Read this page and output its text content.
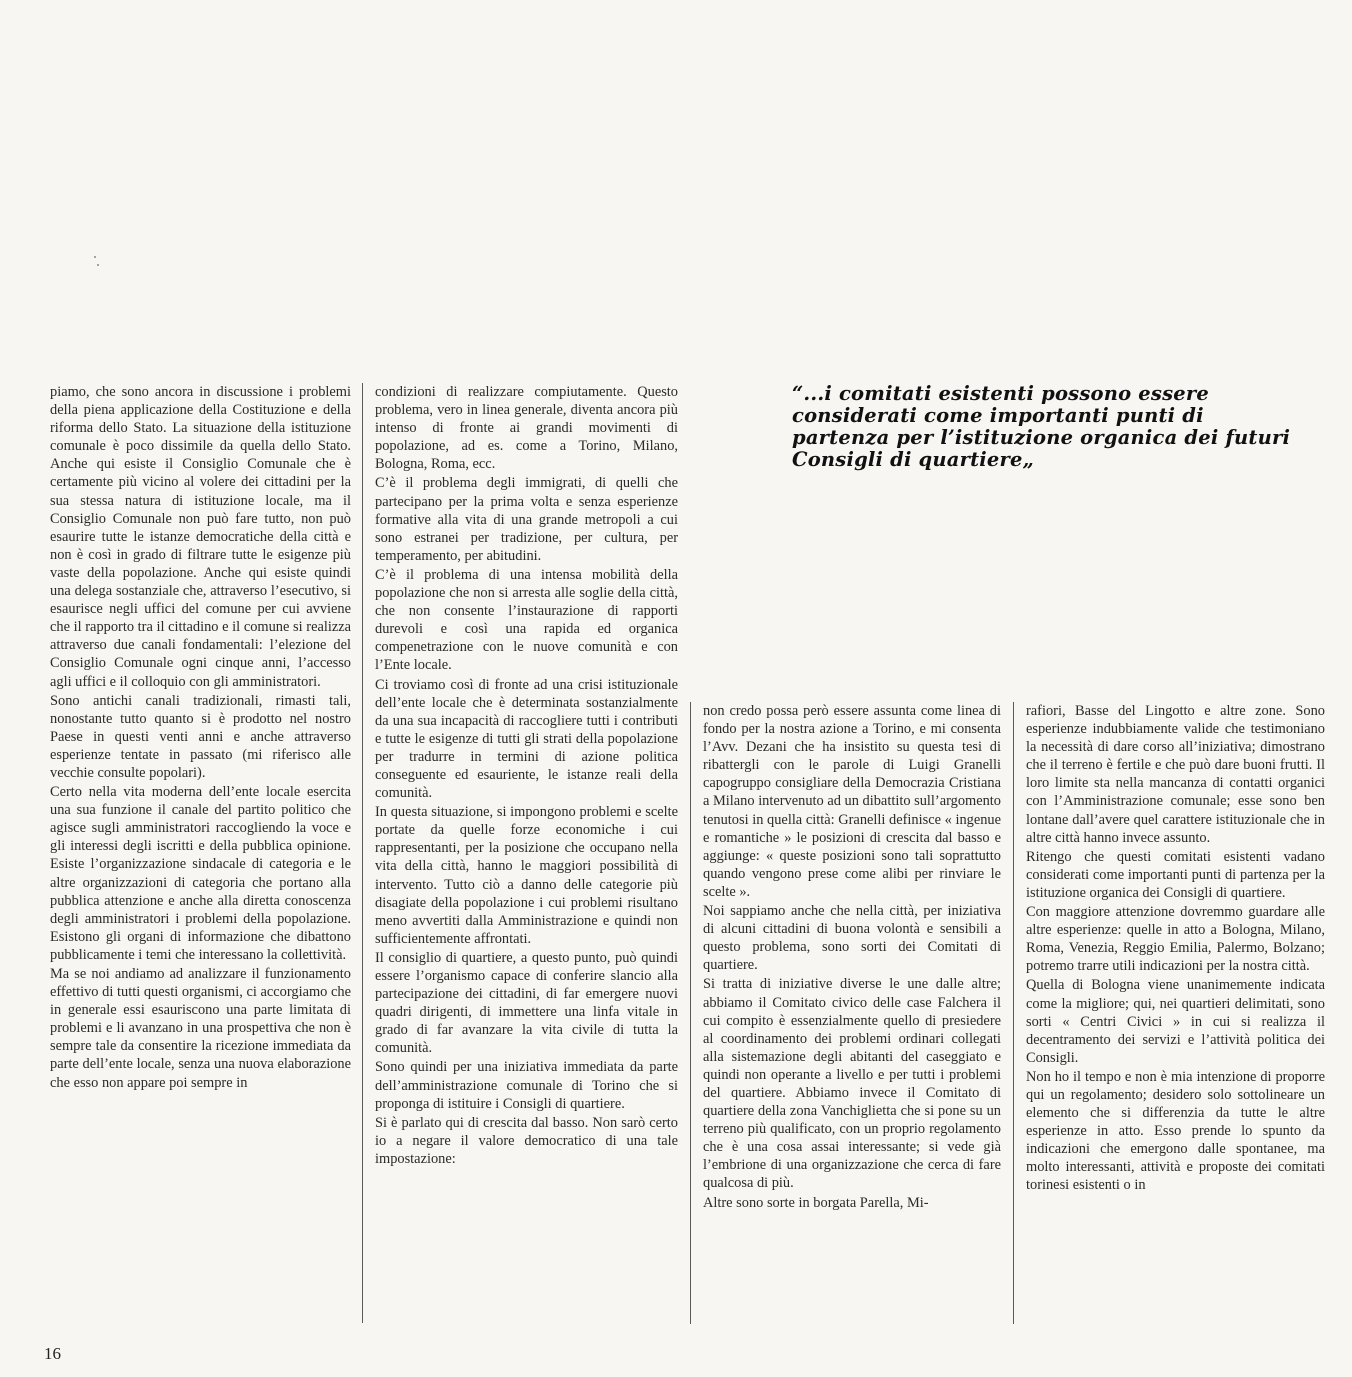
“...i comitati esistenti possono essere considerati come importanti punti di partenza per l’istituzione organica dei futuri Consigli di quartiere„

piamo, che sono ancora in discussione i problemi della piena applicazione della Costituzione e della riforma dello Stato. La situazione della istituzione comunale è poco dissimile da quella dello Stato. Anche qui esiste il Consiglio Comunale che è certamente più vicino al volere dei cittadini per la sua stessa natura di istituzione locale, ma il Consiglio Comunale non può fare tutto, non può esaurire tutte le istanze democratiche della città e non è così in grado di filtrare tutte le esigenze più vaste della popolazione. Anche qui esiste quindi una delega sostanziale che, attraverso l’esecutivo, si esaurisce negli uffici del comune per cui avviene che il rapporto tra il cittadino e il comune si realizza attraverso due canali fondamentali: l’elezione del Consiglio Comunale ogni cinque anni, l’accesso agli uffici e il colloquio con gli amministratori.

Sono antichi canali tradizionali, rimasti tali, nonostante tutto quanto si è prodotto nel nostro Paese in questi venti anni e anche attraverso esperienze tentate in passato (mi riferisco alle vecchie consulte popolari).

Certo nella vita moderna dell’ente locale esercita una sua funzione il canale del partito politico che agisce sugli amministratori raccogliendo la voce e gli interessi degli iscritti e della pubblica opinione. Esiste l’organizzazione sindacale di categoria e le altre organizzazioni di categoria che portano alla pubblica attenzione e anche alla diretta conoscenza degli amministratori i problemi della popolazione. Esistono gli organi di informazione che dibattono pubblicamente i temi che interessano la collettività.

Ma se noi andiamo ad analizzare il funzionamento effettivo di tutti questi organismi, ci accorgiamo che in generale essi esauriscono una parte limitata di problemi e li avanzano in una prospettiva che non è sempre tale da consentire la ricezione immediata da parte dell’ente locale, senza una nuova elaborazione che esso non appare poi sempre in

condizioni di realizzare compiutamente. Questo problema, vero in linea generale, diventa ancora più intenso di fronte ai grandi movimenti di popolazione, ad es. come a Torino, Milano, Bologna, Roma, ecc.

C’è il problema degli immigrati, di quelli che partecipano per la prima volta e senza esperienze formative alla vita di una grande metropoli a cui sono estranei per tradizione, per cultura, per temperamento, per abitudini.

C’è il problema di una intensa mobilità della popolazione che non si arresta alle soglie della città, che non consente l’instaurazione di rapporti durevoli e così una rapida ed organica compenetrazione con le nuove comunità e con l’Ente locale.

Ci troviamo così di fronte ad una crisi istituzionale dell’ente locale che è determinata sostanzialmente da una sua incapacità di raccogliere tutti i contributi e tutte le esigenze di tutti gli strati della popolazione per tradurre in termini di azione politica conseguente ed esauriente, le istanze reali della comunità.

In questa situazione, si impongono problemi e scelte portate da quelle forze economiche i cui rappresentanti, per la posizione che occupano nella vita della città, hanno le maggiori possibilità di intervento. Tutto ciò a danno delle categorie più disagiate della popolazione i cui problemi risultano meno avvertiti dalla Amministrazione e quindi non sufficientemente affrontati.

Il consiglio di quartiere, a questo punto, può quindi essere l’organismo capace di conferire slancio alla partecipazione dei cittadini, di far emergere nuovi quadri dirigenti, di immettere una linfa vitale in grado di far avanzare la vita civile di tutta la comunità.

Sono quindi per una iniziativa immediata da parte dell’amministrazione comunale di Torino che si proponga di istituire i Consigli di quartiere.

Si è parlato qui di crescita dal basso. Non sarò certo io a negare il valore democratico di una tale impostazione:

non credo possa però essere assunta come linea di fondo per la nostra azione a Torino, e mi consenta l’Avv. Dezani che ha insistito su questa tesi di ribattergli con le parole di Luigi Granelli capogruppo consigliare della Democrazia Cristiana a Milano intervenuto ad un dibattito sull’argomento tenutosi in quella città: Granelli definisce « ingenue e romantiche » le posizioni di crescita dal basso e aggiunge: « queste posizioni sono tali soprattutto quando vengono prese come alibi per rinviare le scelte ».

Noi sappiamo anche che nella città, per iniziativa di alcuni cittadini di buona volontà e sensibili a questo problema, sono sorti dei Comitati di quartiere.

Si tratta di iniziative diverse le une dalle altre; abbiamo il Comitato civico delle case Falchera il cui compito è essenzialmente quello di presiedere al coordinamento dei problemi ordinari collegati alla sistemazione degli abitanti del caseggiato e quindi non operante a livello e per tutti i problemi del quartiere. Abbiamo invece il Comitato di quartiere della zona Vanchiglietta che si pone su un terreno più qualificato, con un proprio regolamento che è una cosa assai interessante; si vede già l’embrione di una organizzazione che cerca di fare qualcosa di più.

Altre sono sorte in borgata Parella, Mi-

rafiori, Basse del Lingotto e altre zone. Sono esperienze indubbiamente valide che testimoniano la necessità di dare corso all’iniziativa; dimostrano che il terreno è fertile e che può dare buoni frutti. Il loro limite sta nella mancanza di contatti organici con l’Amministrazione comunale; esse sono ben lontane dall’avere quel carattere istituzionale che in altre città hanno invece assunto.

Ritengo che questi comitati esistenti vadano considerati come importanti punti di partenza per la istituzione organica dei Consigli di quartiere.

Con maggiore attenzione dovremmo guardare alle altre esperienze: quelle in atto a Bologna, Milano, Roma, Venezia, Reggio Emilia, Palermo, Bolzano; potremo trarre utili indicazioni per la nostra città.

Quella di Bologna viene unanimemente indicata come la migliore; qui, nei quartieri delimitati, sono sorti « Centri Civici » in cui si realizza il decentramento dei servizi e l’attività politica dei Consigli.

Non ho il tempo e non è mia intenzione di proporre qui un regolamento; desidero solo sottolineare un elemento che si differenzia da tutte le altre esperienze in atto. Esso prende lo spunto da indicazioni che emergono dalle spontanee, ma molto interessanti, attività e proposte dei comitati torinesi esistenti o in

16
